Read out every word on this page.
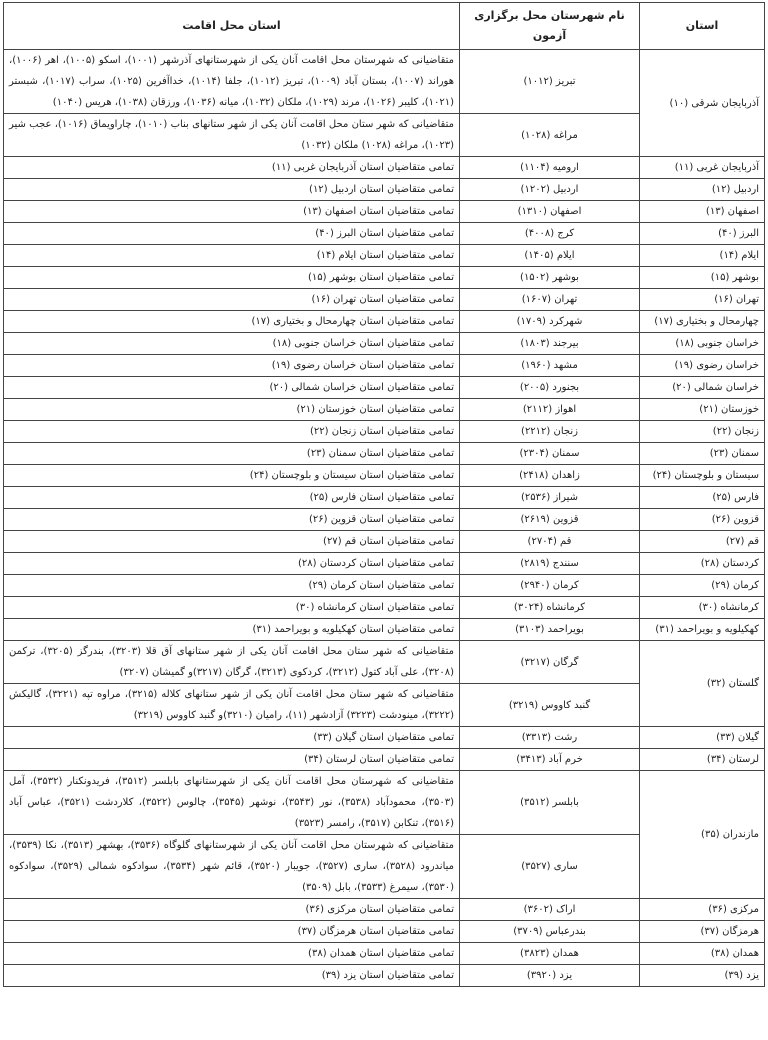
استان	نام شهرستان محل برگزاری آزمون	استان محل اقامت
آذربایجان شرقی (۱۰)	تبریز (۱۰۱۲)	متقاضیانی که شهرستان محل اقامت آنان یکی از شهرستانهای آذرشهر (۱۰۰۱)، اسکو (۱۰۰۵)، اهر (۱۰۰۶)، هوراند (۱۰۰۷)، بستان آباد (۱۰۰۹)، تبریز (۱۰۱۲)، جلفا (۱۰۱۴)، خداآفرین (۱۰۲۵)، سراب (۱۰۱۷)، شبستر (۱۰۲۱)، کلیبر (۱۰۲۶)، مرند (۱۰۲۹)، ملکان (۱۰۳۲)، میانه (۱۰۳۶)، ورزقان (۱۰۳۸)، هریس (۱۰۴۰)
	مراغه (۱۰۲۸)	متقاضیانی که شهر ستان محل اقامت آنان یکی از شهر ستانهای بناب (۱۰۱۰)، چاراویماق (۱۰۱۶)، عجب شیر (۱۰۲۳)، مراغه (۱۰۲۸) ملکان (۱۰۳۲)
آذربایجان غربی (۱۱)	ارومیه (۱۱۰۴)	تمامی متقاضیان استان آذربایجان غربی (۱۱)
اردبیل (۱۲)	اردبیل (۱۲۰۲)	تمامی متقاضیان استان اردبیل (۱۲)
اصفهان (۱۳)	اصفهان (۱۳۱۰)	تمامی متقاضیان استان اصفهان (۱۳)
البرز (۴۰)	کرج (۴۰۰۸)	تمامی متقاضیان استان البرز (۴۰)
ایلام (۱۴)	ایلام (۱۴۰۵)	تمامی متقاضیان استان ایلام (۱۴)
بوشهر (۱۵)	بوشهر (۱۵۰۲)	تمامی متقاضیان استان بوشهر (۱۵)
تهران (۱۶)	تهران (۱۶۰۷)	تمامی متقاضیان استان تهران (۱۶)
چهارمحال و بختیاری (۱۷)	شهرکرد (۱۷۰۹)	تمامی متقاضیان استان چهارمحال و بختیاری (۱۷)
خراسان جنوبی (۱۸)	بیرجند (۱۸۰۳)	تمامی متقاضیان استان خراسان جنوبی (۱۸)
خراسان رضوی (۱۹)	مشهد (۱۹۶۰)	تمامی متقاضیان استان خراسان رضوی (۱۹)
خراسان شمالی (۲۰)	بجنورد (۲۰۰۵)	تمامی متقاضیان استان خراسان شمالی (۲۰)
خوزستان (۲۱)	اهواز (۲۱۱۲)	تمامی متقاضیان استان خوزستان (۲۱)
زنجان (۲۲)	زنجان (۲۲۱۲)	تمامی متقاضیان استان زنجان (۲۲)
سمنان (۲۳)	سمنان (۲۳۰۴)	تمامی متقاضیان استان سمنان (۲۳)
سیستان و بلوچستان (۲۴)	زاهدان (۲۴۱۸)	تمامی متقاضیان استان سیستان و بلوچستان (۲۴)
فارس (۲۵)	شیراز (۲۵۳۶)	تمامی متقاضیان استان فارس (۲۵)
قزوین (۲۶)	قزوین (۲۶۱۹)	تمامی متقاضیان استان قزوین (۲۶)
قم (۲۷)	قم (۲۷۰۴)	تمامی متقاضیان استان قم (۲۷)
کردستان (۲۸)	سنندج (۲۸۱۹)	تمامی متقاضیان استان کردستان (۲۸)
کرمان (۲۹)	کرمان (۲۹۴۰)	تمامی متقاضیان استان کرمان (۲۹)
کرمانشاه (۳۰)	کرمانشاه (۳۰۲۴)	تمامی متقاضیان استان کرمانشاه (۳۰)
کهکیلویه و بویراحمد (۳۱)	بویراحمد (۳۱۰۳)	تمامی متقاضیان استان کهکیلویه و بویراحمد (۳۱)
گلستان (۳۲)	گرگان (۳۲۱۷)	متقاضیانی که شهر ستان محل اقامت آنان یکی از شهر ستانهای آق قلا (۳۲۰۳)، بندرگز (۳۲۰۵)، ترکمن (۳۲۰۸)، علی آباد کتول (۳۲۱۲)، کردکوی (۳۲۱۳)، گرگان (۳۲۱۷)و گمیشان (۳۲۰۷)
	گنبد کاووس (۳۲۱۹)	متقاضیانی که شهر ستان محل اقامت آنان یکی از شهر ستانهای کلاله (۳۲۱۵)، مراوه تپه (۳۲۲۱)، گالیکش (۳۲۲۲)، مینودشت (۳۲۲۳) آزادشهر (۱۱)، رامیان (۳۲۱۰)و گنبد کاووس (۳۲۱۹)
گیلان (۳۳)	رشت (۳۳۱۳)	تمامی متقاضیان استان گیلان (۳۳)
لرستان (۳۴)	خرم آباد (۳۴۱۳)	تمامی متقاضیان استان لرستان (۳۴)
مازندران (۳۵)	بابلسر (۳۵۱۲)	متقاضیانی که شهرستان محل اقامت آنان یکی از شهرستانهای بابلسر (۳۵۱۲)، فریدونکنار (۳۵۳۲)، آمل (۳۵۰۳)، محمودآباد (۳۵۳۸)، نور (۳۵۴۳)، نوشهر (۳۵۴۵)، چالوس (۳۵۲۲)، کلاردشت (۳۵۲۱)، عباس آباد (۳۵۱۶)، تنکابن (۳۵۱۷)، رامسر (۳۵۲۳)
	ساری (۳۵۲۷)	متقاضیانی که شهرستان محل اقامت آنان یکی از شهرستانهای گلوگاه (۳۵۳۶)، بهشهر (۳۵۱۳)، نکا (۳۵۳۹)، میاندرود (۳۵۲۸)، ساری (۳۵۲۷)، جویبار (۳۵۲۰)، قائم شهر (۳۵۳۴)، سوادکوه شمالی (۳۵۲۹)، سوادکوه (۳۵۳۰)، سیمرغ (۳۵۳۳)، بابل (۳۵۰۹)
مرکزی (۳۶)	اراک (۳۶۰۲)	تمامی متقاضیان استان مرکزی (۳۶)
هرمزگان (۳۷)	بندرعباس (۳۷۰۹)	تمامی متقاضیان استان هرمزگان (۳۷)
همدان (۳۸)	همدان (۳۸۲۳)	تمامی متقاضیان استان همدان (۳۸)
یزد (۳۹)	یزد (۳۹۲۰)	تمامی متقاضیان استان یزد (۳۹)
